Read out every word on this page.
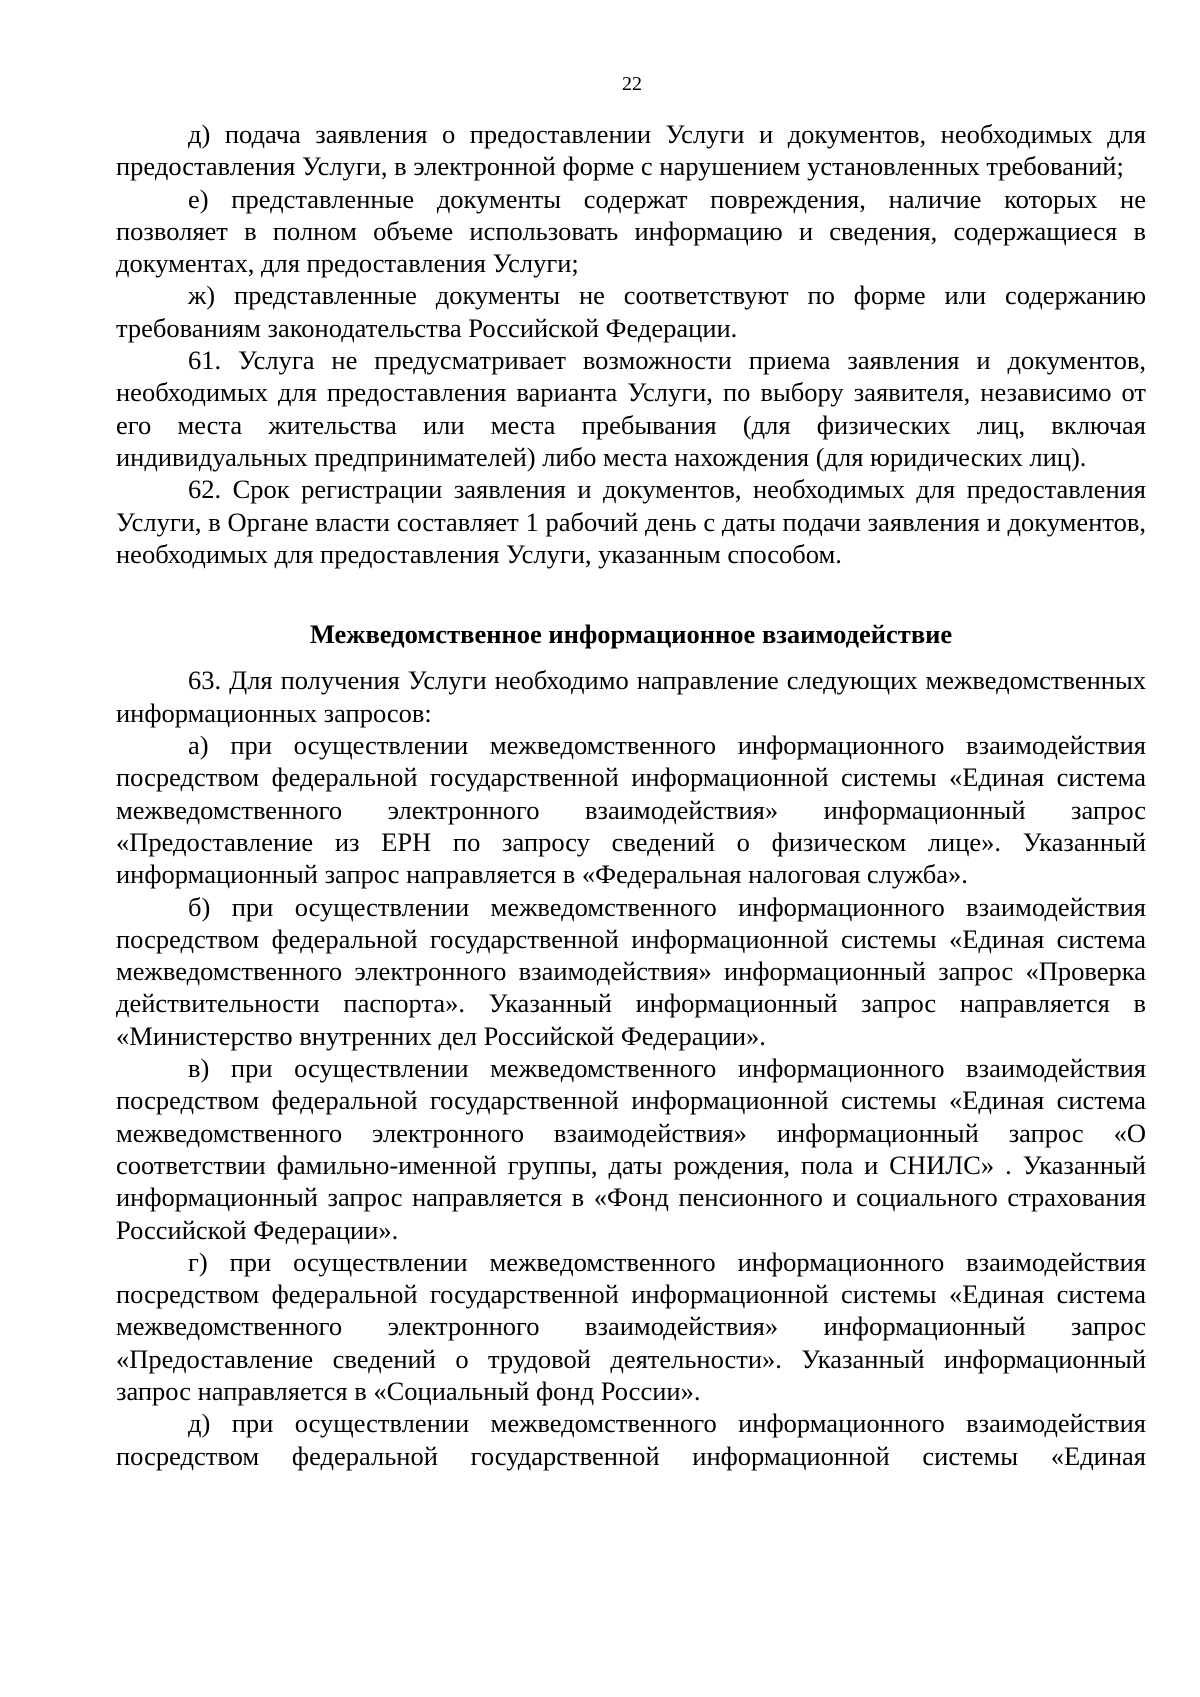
22

д) подача заявления о предоставлении Услуги и документов, необходимых для предоставления Услуги, в электронной форме с нарушением установленных требований;

е) представленные документы содержат повреждения, наличие которых не позволяет в полном объеме использовать информацию и сведения, содержащиеся в документах, для предоставления Услуги;

ж) представленные документы не соответствуют по форме или содержанию требованиям законодательства Российской Федерации.

61. Услуга не предусматривает возможности приема заявления и документов, необходимых для предоставления варианта Услуги, по выбору заявителя, независимо от его места жительства или места пребывания (для физических лиц, включая индивидуальных предпринимателей) либо места нахождения (для юридических лиц).

62. Срок регистрации заявления и документов, необходимых для предоставления Услуги, в Органе власти составляет 1 рабочий день с даты подачи заявления и документов, необходимых для предоставления Услуги, указанным способом.

Межведомственное информационное взаимодействие

63. Для получения Услуги необходимо направление следующих межведомственных информационных запросов:

а) при осуществлении межведомственного информационного взаимодействия посредством федеральной государственной информационной системы «Единая система межведомственного электронного взаимодействия» информационный запрос «Предоставление из ЕРН по запросу сведений о физическом лице». Указанный информационный запрос направляется в «Федеральная налоговая служба».

б) при осуществлении межведомственного информационного взаимодействия посредством федеральной государственной информационной системы «Единая система межведомственного электронного взаимодействия» информационный запрос «Проверка действительности паспорта». Указанный информационный запрос направляется в «Министерство внутренних дел Российской Федерации».

в) при осуществлении межведомственного информационного взаимодействия посредством федеральной государственной информационной системы «Единая система межведомственного электронного взаимодействия» информационный запрос «О соответствии фамильно-именной группы, даты рождения, пола и СНИЛС» . Указанный информационный запрос направляется в «Фонд пенсионного и социального страхования Российской Федерации».

г) при осуществлении межведомственного информационного взаимодействия посредством федеральной государственной информационной системы «Единая система межведомственного электронного взаимодействия» информационный запрос «Предоставление сведений о трудовой деятельности». Указанный информационный запрос направляется в «Социальный фонд России».

д) при осуществлении межведомственного информационного взаимодействия посредством федеральной государственной информационной системы «Единая
